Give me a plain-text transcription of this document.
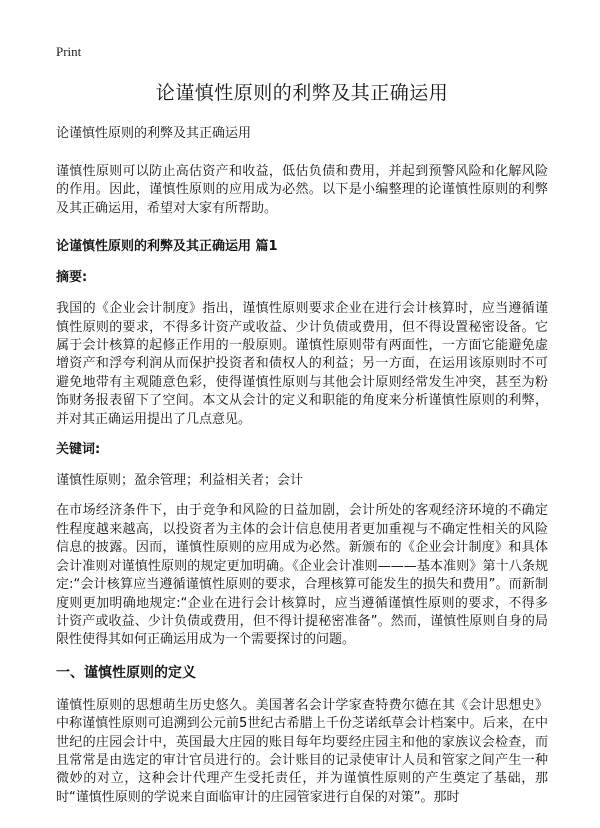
Print
论谨慎性原则的利弊及其正确运用
论谨慎性原则的利弊及其正确运用

谨慎性原则可以防止高估资产和收益，低估负债和费用，并起到预警风险和化解风险的作用。因此，谨慎性原则的应用成为必然。以下是小编整理的论谨慎性原则的利弊及其正确运用，希望对大家有所帮助。

论谨慎性原则的利弊及其正确运用 篇1
摘要:

我国的《企业会计制度》指出，谨慎性原则要求企业在进行会计核算时，应当遵循谨慎性原则的要求，不得多计资产或收益、少计负债或费用，但不得设置秘密设备。它属于会计核算的起修正作用的一般原则。谨慎性原则带有两面性，一方面它能避免虚增资产和浮夸利润从而保护投资者和债权人的利益；另一方面，在运用该原则时不可避免地带有主观随意色彩，使得谨慎性原则与其他会计原则经常发生冲突，甚至为粉饰财务报表留下了空间。本文从会计的定义和职能的角度来分析谨慎性原则的利弊，并对其正确运用提出了几点意见。

关键词:

谨慎性原则；盈余管理；利益相关者；会计

在市场经济条件下，由于竞争和风险的日益加剧，会计所处的客观经济环境的不确定性程度越来越高，以投资者为主体的会计信息使用者更加重视与不确定性相关的风险信息的披露。因而，谨慎性原则的应用成为必然。新颁布的《企业会计制度》和具体会计准则对谨慎性原则的规定更加明确。《企业会计准则———基本准则》第十八条规定:“会计核算应当遵循谨慎性原则的要求，合理核算可能发生的损失和费用”。而新制度则更加明确地规定:“企业在进行会计核算时，应当遵循谨慎性原则的要求，不得多计资产或收益、少计负债或费用，但不得计提秘密准备”。然而，谨慎性原则自身的局限性使得其如何正确运用成为一个需要探讨的问题。

一、谨慎性原则的定义

谨慎性原则的思想萌生历史悠久。美国著名会计学家查特费尔德在其《会计思想史》中称谨慎性原则可追溯到公元前5世纪古希腊上千份芝诺纸草会计档案中。后来，在中世纪的庄园会计中，英国最大庄园的账目每年均要经庄园主和他的家族议会检查，而且常常是由选定的审计官员进行的。会计账目的记录使审计人员和管家之间产生一种微妙的对立，这种会计代理产生受托责任，并为谨慎性原则的产生奠定了基础，那时“谨慎性原则的学说来自面临审计的庄园管家进行自保的对策”。那时
